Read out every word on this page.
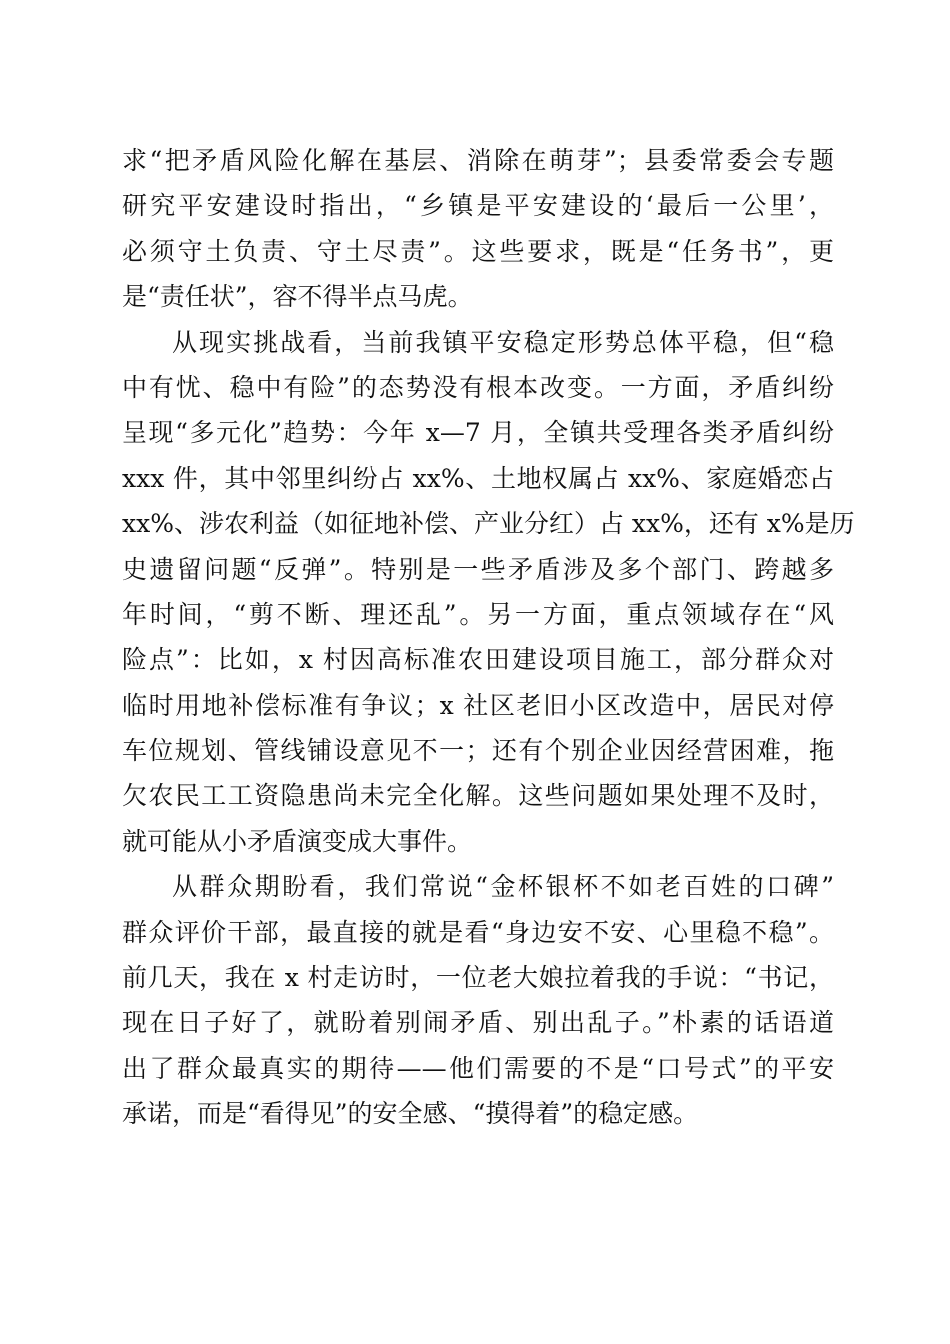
求“把矛盾风险化解在基层、消除在萌芽”；县委常委会专题
研究平安建设时指出，“乡镇是平安建设的‘最后一公里’，
必须守土负责、守土尽责”。这些要求，既是“任务书”，更
是“责任状”，容不得半点马虎。
从现实挑战看，当前我镇平安稳定形势总体平稳，但“稳
中有忧、稳中有险”的态势没有根本改变。一方面，矛盾纠纷
呈现“多元化”趋势：今年 x—7 月，全镇共受理各类矛盾纠纷
xxx 件，其中邻里纠纷占 xx%、土地权属占 xx%、家庭婚恋占
xx%、涉农利益（如征地补偿、产业分红）占 xx%，还有 x%是历
史遗留问题“反弹”。特别是一些矛盾涉及多个部门、跨越多
年时间，“剪不断、理还乱”。另一方面，重点领域存在“风
险点”：比如，x 村因高标准农田建设项目施工，部分群众对
临时用地补偿标准有争议；x 社区老旧小区改造中，居民对停
车位规划、管线铺设意见不一；还有个别企业因经营困难，拖
欠农民工工资隐患尚未完全化解。这些问题如果处理不及时，
就可能从小矛盾演变成大事件。
从群众期盼看，我们常说“金杯银杯不如老百姓的口碑”
群众评价干部，最直接的就是看“身边安不安、心里稳不稳”。
前几天，我在 x 村走访时，一位老大娘拉着我的手说：“书记，
现在日子好了，就盼着别闹矛盾、别出乱子。”朴素的话语道
出了群众最真实的期待——他们需要的不是“口号式”的平安
承诺，而是“看得见”的安全感、“摸得着”的稳定感。
